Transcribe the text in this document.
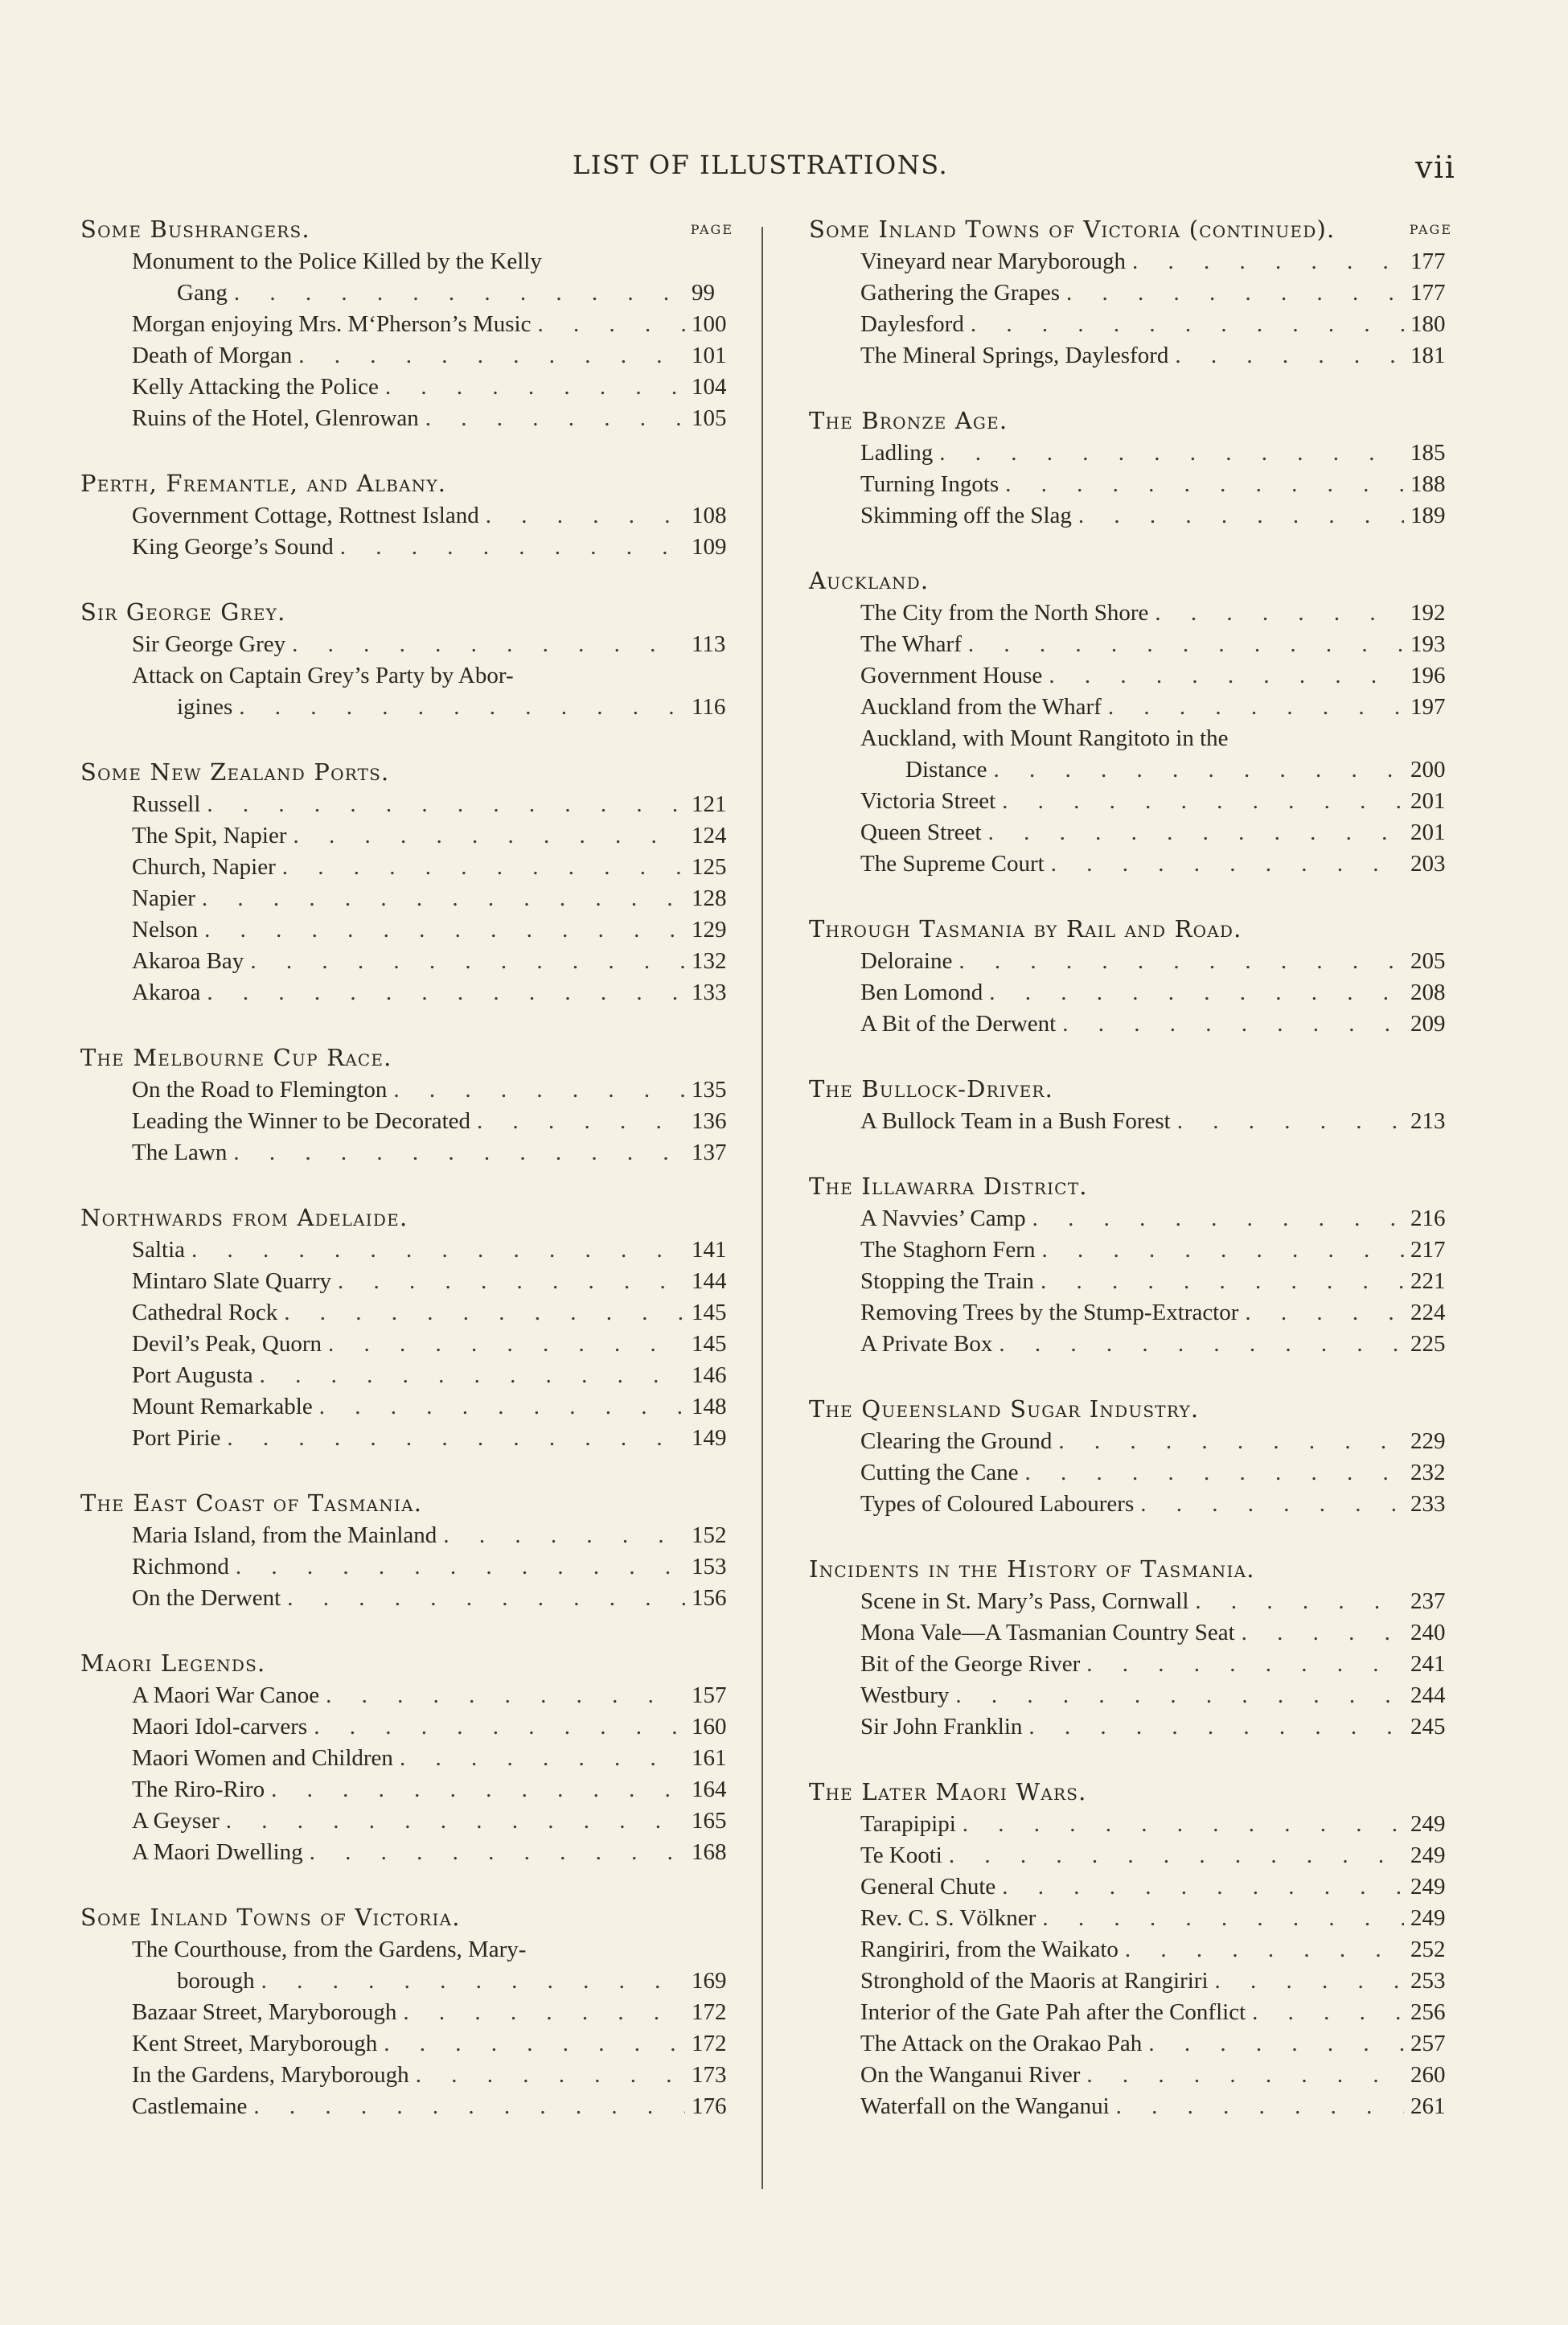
LIST OF ILLUSTRATIONS.	vii
Some Bushrangers.	PAGE
Monument to the Police Killed by the Kelly
Gang . . .	99
Morgan enjoying Mrs. M‘Pherson’s Music . . .	100
Death of Morgan . . .	101
Kelly Attacking the Police . . .	104
Ruins of the Hotel, Glenrowan . . .	105
Perth, Fremantle, and Albany.
Government Cottage, Rottnest Island . . .	108
King George’s Sound . . .	109
Sir George Grey.
Sir George Grey . . .	113
Attack on Captain Grey’s Party by Abor-
igines . . .	116
Some New Zealand Ports.
Russell . . .	121
The Spit, Napier . . .	124
Church, Napier . . .	125
Napier . . .	128
Nelson . . .	129
Akaroa Bay . . .	132
Akaroa . . .	133
The Melbourne Cup Race.
On the Road to Flemington . . .	135
Leading the Winner to be Decorated . . .	136
The Lawn . . .	137
Northwards from Adelaide.
Saltia . . .	141
Mintaro Slate Quarry . . .	144
Cathedral Rock . . .	145
Devil’s Peak, Quorn . . .	145
Port Augusta . . .	146
Mount Remarkable . . .	148
Port Pirie . . .	149
The East Coast of Tasmania.
Maria Island, from the Mainland . . .	152
Richmond . . .	153
On the Derwent . . .	156
Maori Legends.
A Maori War Canoe . . .	157
Maori Idol-carvers . . .	160
Maori Women and Children . . .	161
The Riro-Riro . . .	164
A Geyser . . .	165
A Maori Dwelling . . .	168
Some Inland Towns of Victoria.
The Courthouse, from the Gardens, Mary-
borough . . .	169
Bazaar Street, Maryborough . . .	172
Kent Street, Maryborough . . .	172
In the Gardens, Maryborough . . .	173
Castlemaine . . .	176
Some Inland Towns of Victoria (continued).	PAGE
Vineyard near Maryborough . . .	177
Gathering the Grapes . . .	177
Daylesford . . .	180
The Mineral Springs, Daylesford . . .	181
The Bronze Age.
Ladling . . .	185
Turning Ingots . . .	188
Skimming off the Slag . . .	189
Auckland.
The City from the North Shore . . .	192
The Wharf . . .	193
Government House . . .	196
Auckland from the Wharf . . .	197
Auckland, with Mount Rangitoto in the
Distance . . .	200
Victoria Street . . .	201
Queen Street . . .	201
The Supreme Court . . .	203
Through Tasmania by Rail and Road.
Deloraine . . .	205
Ben Lomond . . .	208
A Bit of the Derwent . . .	209
The Bullock-Driver.
A Bullock Team in a Bush Forest . . .	213
The Illawarra District.
A Navvies’ Camp . . .	216
The Staghorn Fern . . .	217
Stopping the Train . . .	221
Removing Trees by the Stump-Extractor . . .	224
A Private Box . . .	225
The Queensland Sugar Industry.
Clearing the Ground . . .	229
Cutting the Cane . . .	232
Types of Coloured Labourers . . .	233
Incidents in the History of Tasmania.
Scene in St. Mary’s Pass, Cornwall . . .	237
Mona Vale—A Tasmanian Country Seat . . .	240
Bit of the George River . . .	241
Westbury . . .	244
Sir John Franklin . . .	245
The Later Maori Wars.
Tarapipipi . . .	249
Te Kooti . . .	249
General Chute . . .	249
Rev. C. S. Völkner . . .	249
Rangiriri, from the Waikato . . .	252
Stronghold of the Maoris at Rangiriri . . .	253
Interior of the Gate Pah after the Conflict . . .	256
The Attack on the Orakao Pah . . .	257
On the Wanganui River . . .	260
Waterfall on the Wanganui . . .	261
